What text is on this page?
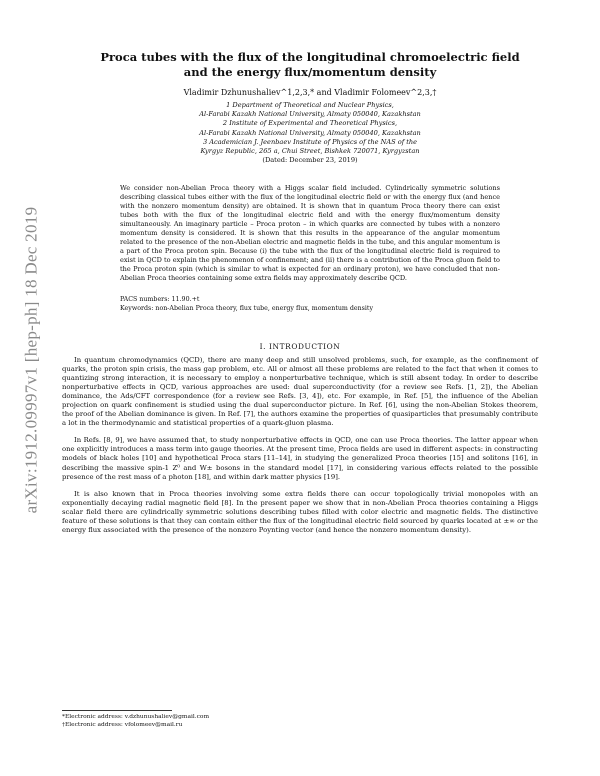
arXiv:1912.09997v1 [hep-ph] 18 Dec 2019
Proca tubes with the flux of the longitudinal chromoelectric field
and the energy flux/momentum density
Vladimir Dzhunushaliev^1,2,3,* and Vladimir Folomeev^2,3,†
1 Department of Theoretical and Nuclear Physics,
Al-Farabi Kazakh National University, Almaty 050040, Kazakhstan
2 Institute of Experimental and Theoretical Physics,
Al-Farabi Kazakh National University, Almaty 050040, Kazakhstan
3 Academician J. Jeenbaev Institute of Physics of the NAS of the
Kyrgyz Republic, 265 a, Chui Street, Bishkek 720071, Kyrgyzstan
(Dated: December 23, 2019)
We consider non-Abelian Proca theory with a Higgs scalar field included. Cylindrically symmetric solutions describing classical tubes either with the flux of the longitudinal electric field or with the energy flux (and hence with the nonzero momentum density) are obtained. It is shown that in quantum Proca theory there can exist tubes both with the flux of the longitudinal electric field and with the energy flux/momentum density simultaneously. An imaginary particle – Proca proton – in which quarks are connected by tubes with a nonzero momentum density is considered. It is shown that this results in the appearance of the angular momentum related to the presence of the non-Abelian electric and magnetic fields in the tube, and this angular momentum is a part of the Proca proton spin. Because (i) the tube with the flux of the longitudinal electric field is required to exist in QCD to explain the phenomenon of confinement; and (ii) there is a contribution of the Proca gluon field to the Proca proton spin (which is similar to what is expected for an ordinary proton), we have concluded that non-Abelian Proca theories containing some extra fields may approximately describe QCD.
PACS numbers: 11.90.+t
Keywords: non-Abelian Proca theory, flux tube, energy flux, momentum density
I. INTRODUCTION

In quantum chromodynamics (QCD), there are many deep and still unsolved problems, such, for example, as the confinement of quarks, the proton spin crisis, the mass gap problem, etc. All or almost all these problems are related to the fact that when it comes to quantizing strong interaction, it is necessary to employ a nonperturbative technique, which is still absent today. In order to describe nonperturbative effects in QCD, various approaches are used: dual superconductivity (for a review see Refs. [1, 2]), the Abelian dominance, the Ads/CFT correspondence (for a review see Refs. [3, 4]), etc. For example, in Ref. [5], the influence of the Abelian projection on quark confinement is studied using the dual superconductor picture. In Ref. [6], using the non-Abelian Stokes theorem, the proof of the Abelian dominance is given. In Ref. [7], the authors examine the properties of quasiparticles that presumably contribute a lot in the thermodynamic and statistical properties of a quark-gluon plasma.

In Refs. [8, 9], we have assumed that, to study nonperturbative effects in QCD, one can use Proca theories. The latter appear when one explicitly introduces a mass term into gauge theories. At the present time, Proca fields are used in different aspects: in constructing models of black holes [10] and hypothetical Proca stars [11–14], in studying the generalized Proca theories [15] and solitons [16], in describing the massive spin-1 Z⁰ and W± bosons in the standard model [17], in considering various effects related to the possible presence of the rest mass of a photon [18], and within dark matter physics [19].

It is also known that in Proca theories involving some extra fields there can occur topologically trivial monopoles with an exponentially decaying radial magnetic field [8]. In the present paper we show that in non-Abelian Proca theories containing a Higgs scalar field there are cylindrically symmetric solutions describing tubes filled with color electric and magnetic fields. The distinctive feature of these solutions is that they can contain either the flux of the longitudinal electric field sourced by quarks located at ±∞ or the energy flux associated with the presence of the nonzero Poynting vector (and hence the nonzero momentum density).

*Electronic address: v.dzhunushaliev@gmail.com
†Electronic address: vfolomeev@mail.ru
